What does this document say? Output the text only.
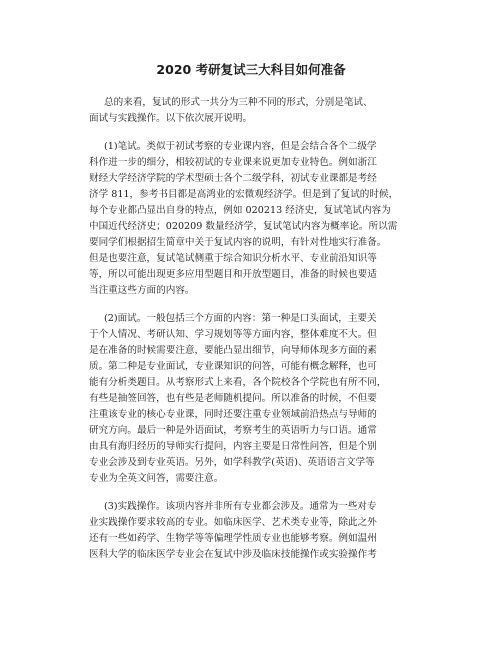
2020 考研复试三大科目如何准备

总的来看，复试的形式一共分为三种不同的形式，分别是笔试、

面试与实践操作。以下依次展开说明。

(1)笔试。类似于初试考察的专业课内容，但是会结合各个二级学

科作进一步的细分，相较初试的专业课来说更加专业特色。例如浙江

财经大学经济学院的学术型硕士各个二级学科，初试专业课都是考经

济学 811，参考书目都是高鸿业的宏微观经济学。但是到了复试的时候，

每个专业都凸显出自身的特点，例如 020213 经济史，复试笔试内容为

中国近代经济史；020209 数量经济学，复试笔试内容为概率论。所以需

要同学们根据招生简章中关于复试内容的说明，有针对性地实行准备。

但是也要注意，复试笔试侧重于综合知识分析水平、专业前沿知识等

等，所以可能出现更多应用型题目和开放型题目，准备的时候也要适

当注重这些方面的内容。

(2)面试。一般包括三个方面的内容：第一种是口头面试，主要关

于个人情况、考研认知、学习规划等等方面内容，整体难度不大。但

是在准备的时候需要注意，要能凸显出细节，向导师体现多方面的素

质。第二种是专业面试，专业课知识的问答，可能有概念解释，也可

能有分析类题目。从考察形式上来看，各个院校各个学院也有所不同，

有些是抽签回答，也有些是老师随机提问。所以准备的时候，不但要

注重该专业的核心专业课，同时还要注重专业领域前沿热点与导师的

研究方向。最后一种是外语面试，考察考生的英语听力与口语。通常

由具有海归经历的导师实行提问，内容主要是日常性问答，但是个别

专业会涉及到专业英语。另外，如学科教学(英语)、英语语言文学等

专业为全英文问答，需要注意。

(3)实践操作。该项内容并非所有专业都会涉及。通常为一些对专

业实践操作要求较高的专业。如临床医学、艺术类专业等，除此之外

还有一些如药学、生物学等等偏理学性质专业也能够考察。例如温州

医科大学的临床医学专业会在复试中涉及临床技能操作或实验操作考
